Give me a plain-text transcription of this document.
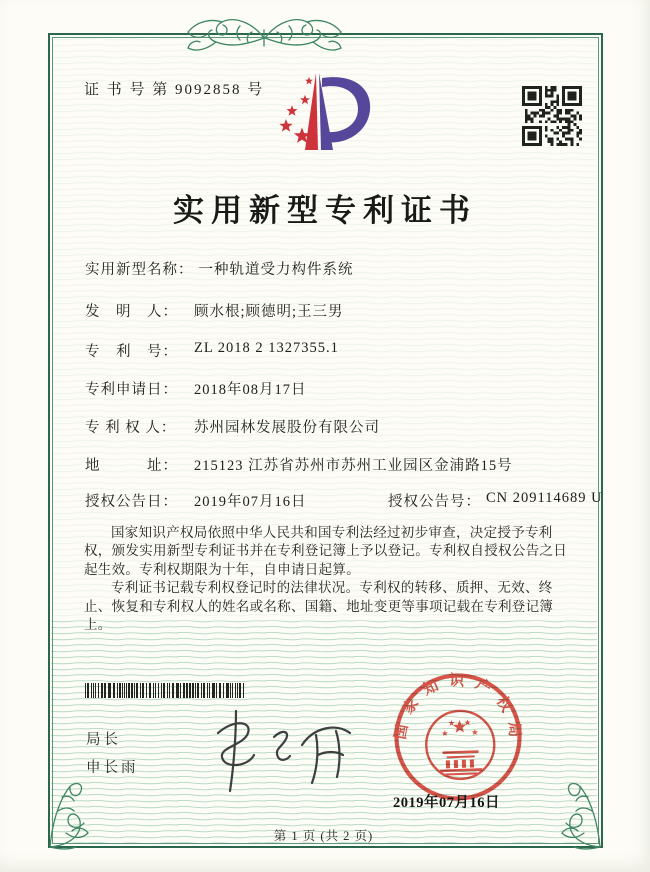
证 书 号 第 9092858 号
实用新型专利证书
实用新型名称： 一种轨道受力构件系统
发　明　人：	顾水根;顾德明;王三男
专　利　号：	ZL 2018 2 1327355.1
专利申请日：	2018年08月17日
专 利 权 人：	苏州园林发展股份有限公司
地　　　址：	215123 江苏省苏州市苏州工业园区金浦路15号
授权公告日：	2019年07月16日	授权公告号： CN 209114689 U

国家知识产权局依照中华人民共和国专利法经过初步审查，决定授予专利权，颁发实用新型专利证书并在专利登记簿上予以登记。专利权自授权公告之日起生效。专利权期限为十年，自申请日起算。

专利证书记载专利权登记时的法律状况。专利权的转移、质押、无效、终止、恢复和专利权人的姓名或名称、国籍、地址变更等事项记载在专利登记簿上。

局长
申长雨
国家知识产权局
2019年07月16日
第 1 页 (共 2 页)
